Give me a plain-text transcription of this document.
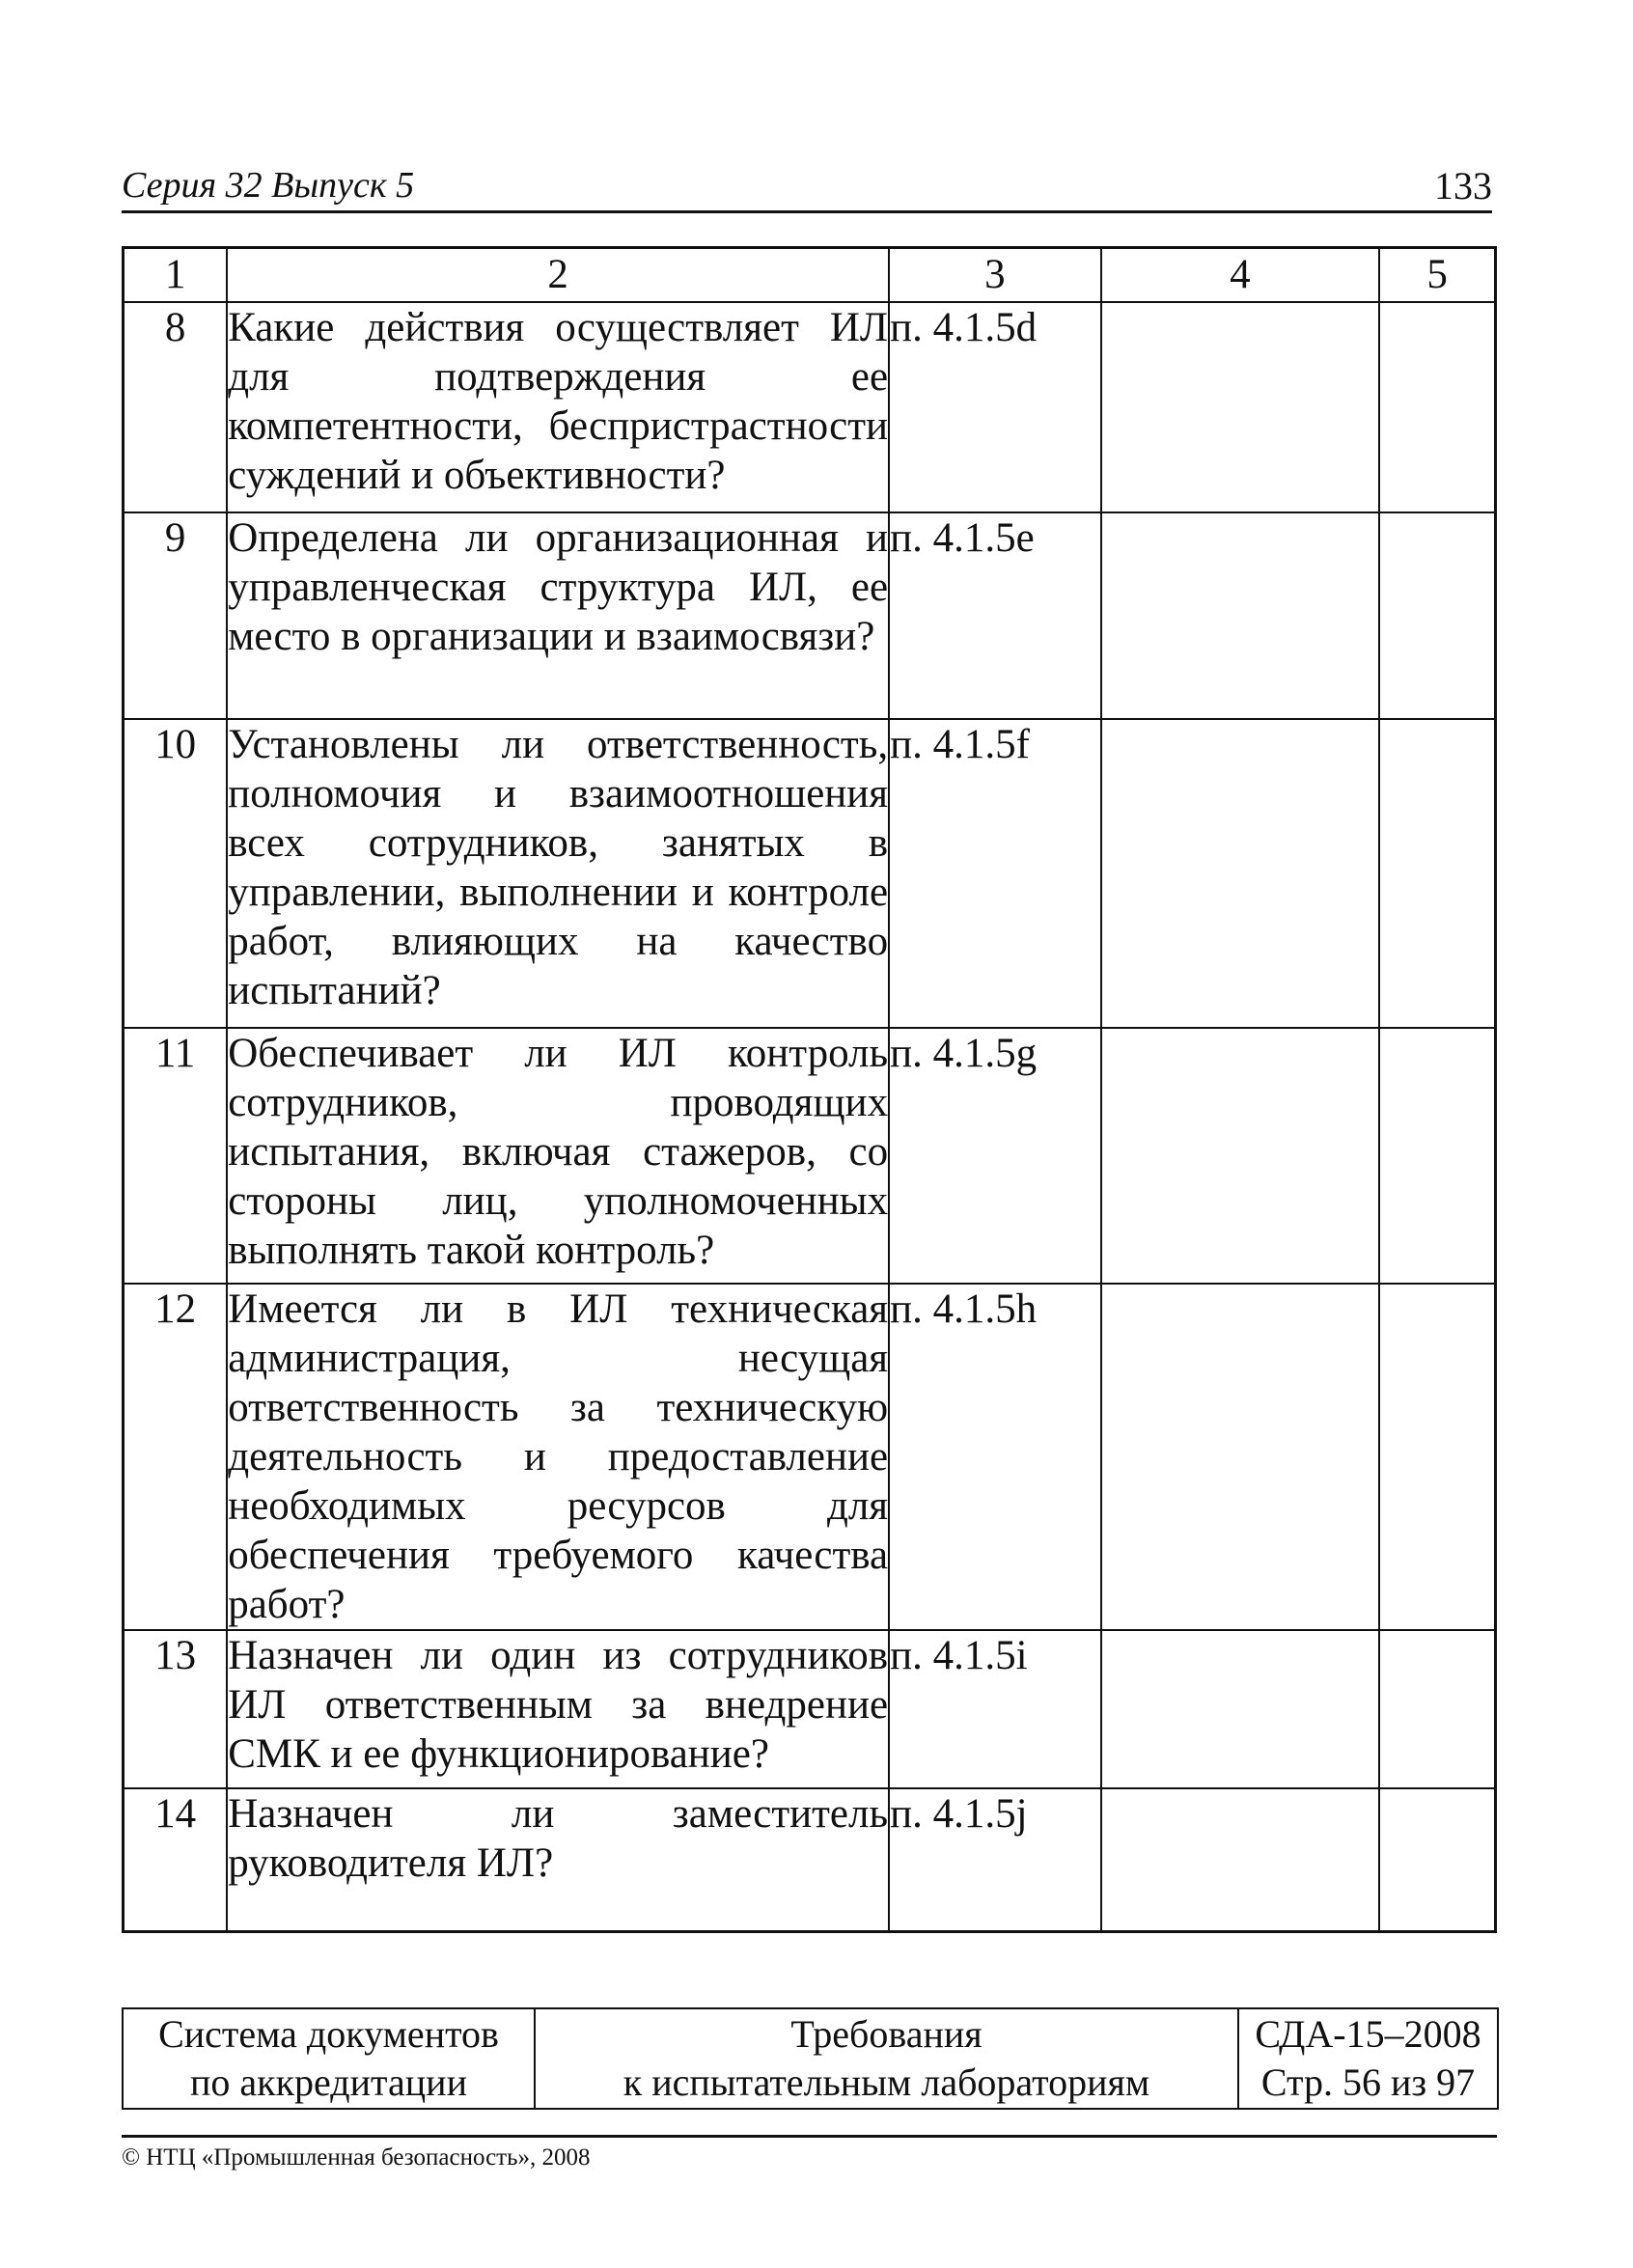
Серия 32 Выпуск 5	133
1	2	3	4	5
8	Какие действия осуществляет ИЛ для подтверждения ее компетентности, беспристрастности суждений и объективности?	п. 4.1.5d		
9	Определена ли организационная и управленческая структура ИЛ, ее место в организации и взаимосвязи?	п. 4.1.5e		
10	Установлены ли ответственность, полномочия и взаимоотношения всех сотрудников, занятых в управлении, выполнении и контроле работ, влияющих на качество испытаний?	п. 4.1.5f		
11	Обеспечивает ли ИЛ контроль сотрудников, проводящих испытания, включая стажеров, со стороны лиц, уполномоченных выполнять такой контроль?	п. 4.1.5g		
12	Имеется ли в ИЛ техническая администрация, несущая ответственность за техническую деятельность и предоставление необходимых ресурсов для обеспечения требуемого качества работ?	п. 4.1.5h		
13	Назначен ли один из сотрудников ИЛ ответственным за внедрение СМК и ее функционирование?	п. 4.1.5i		
14	Назначен ли заместитель руководителя ИЛ?	п. 4.1.5j		
Система документов
по аккредитации

Требования
к испытательным лабораториям

СДА-15–2008
Стр. 56 из 97
© НТЦ «Промышленная безопасность», 2008
